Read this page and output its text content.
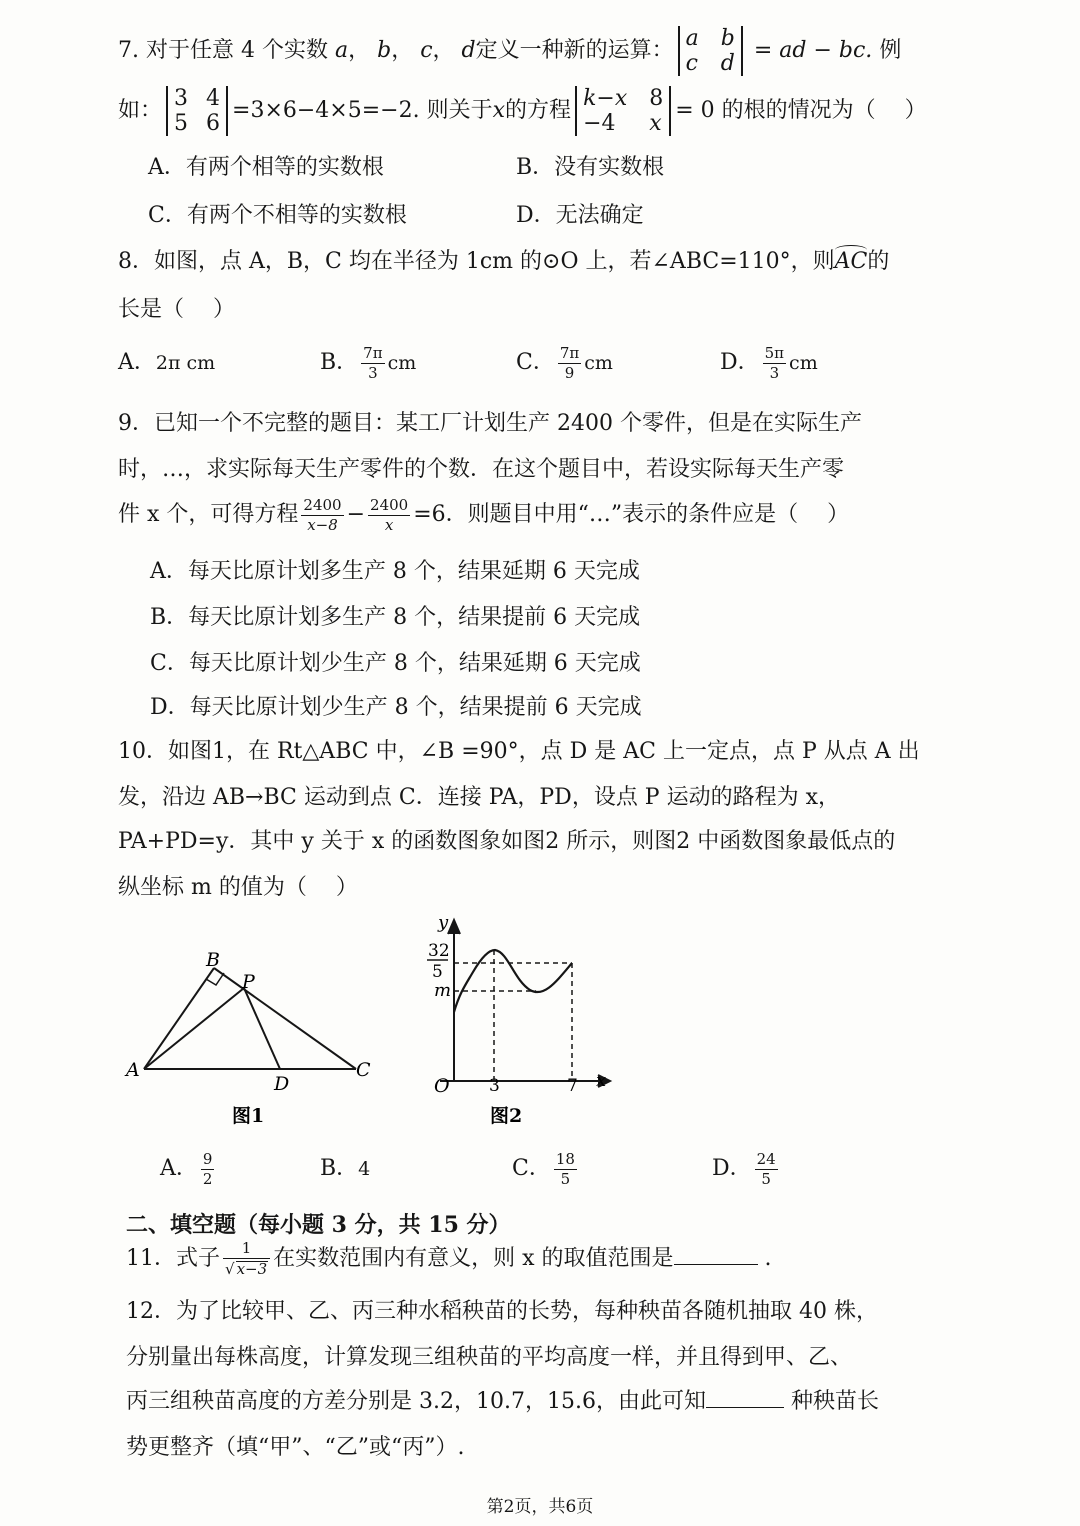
7. 对于任意 4 个实数 a， b， c， d定义一种新的运算： a b
c d
= ad − bc. 例
如： 3 4
5 6
=3×6−4×5=−2. 则关于x的方程 k−x 8
−4	x
= 0 的根的情况为（　 ）
A．有两个相等的实数根	B．没有实数根
C．有两个不相等的实数根	D．无法确定
8．如图，点 A，B，C 均在半径为 1cm 的⊙O 上，若∠ABC=110°，则AC的
长是（　 ）
A．2π cm	B． $\frac{7\pi}{3}$ cm	C． $\frac{7\pi}{9}$ cm	D． $\frac{5\pi}{3}$ cm
9．已知一个不完整的题目：某工厂计划生产 2400 个零件，但是在实际生产
时，…，求实际每天生产零件的个数．在这个题目中，若设实际每天生产零
件 x 个，可得方程 $\frac{2400}{x-8} - \frac{2400}{x} =6$．则题目中用“…”表示的条件应是（　 ）
A．每天比原计划多生产 8 个，结果延期 6 天完成
B．每天比原计划多生产 8 个，结果提前 6 天完成
C．每天比原计划少生产 8 个，结果延期 6 天完成
D．每天比原计划少生产 8 个，结果提前 6 天完成
10．如图1，在 Rt△ABC 中，∠B =90°，点 D 是 AC 上一定点，点 P 从点 A 出
发，沿边 AB→BC 运动到点 C．连接 PA，PD，设点 P 运动的路程为 x，
PA+PD=y．其中 y 关于 x 的函数图象如图2 所示，则图2 中函数图象最低点的
纵坐标 m 的值为（　 ）
A
B
C
D
P
图1
y
x
O
32
5
m
3	7
图2
A． $\frac{9}{2}$	B．4	C． $\frac{18}{5}$	D． $\frac{24}{5}$
二、填空题（每小题 3 分，共 15 分）
11．式子 $\frac{1}{√ x-3}$ 在实数范围内有意义，则 x 的取值范围是	.
12．为了比较甲、乙、丙三种水稻秧苗的长势，每种秧苗各随机抽取 40 株，
分别量出每株高度，计算发现三组秧苗的平均高度一样，并且得到甲、乙、
丙三组秧苗高度的方差分别是 3.2，10.7，15.6，由此可知	种秧苗长
势更整齐（填“甲”、“乙”或“丙”）.
第2页，共6页
